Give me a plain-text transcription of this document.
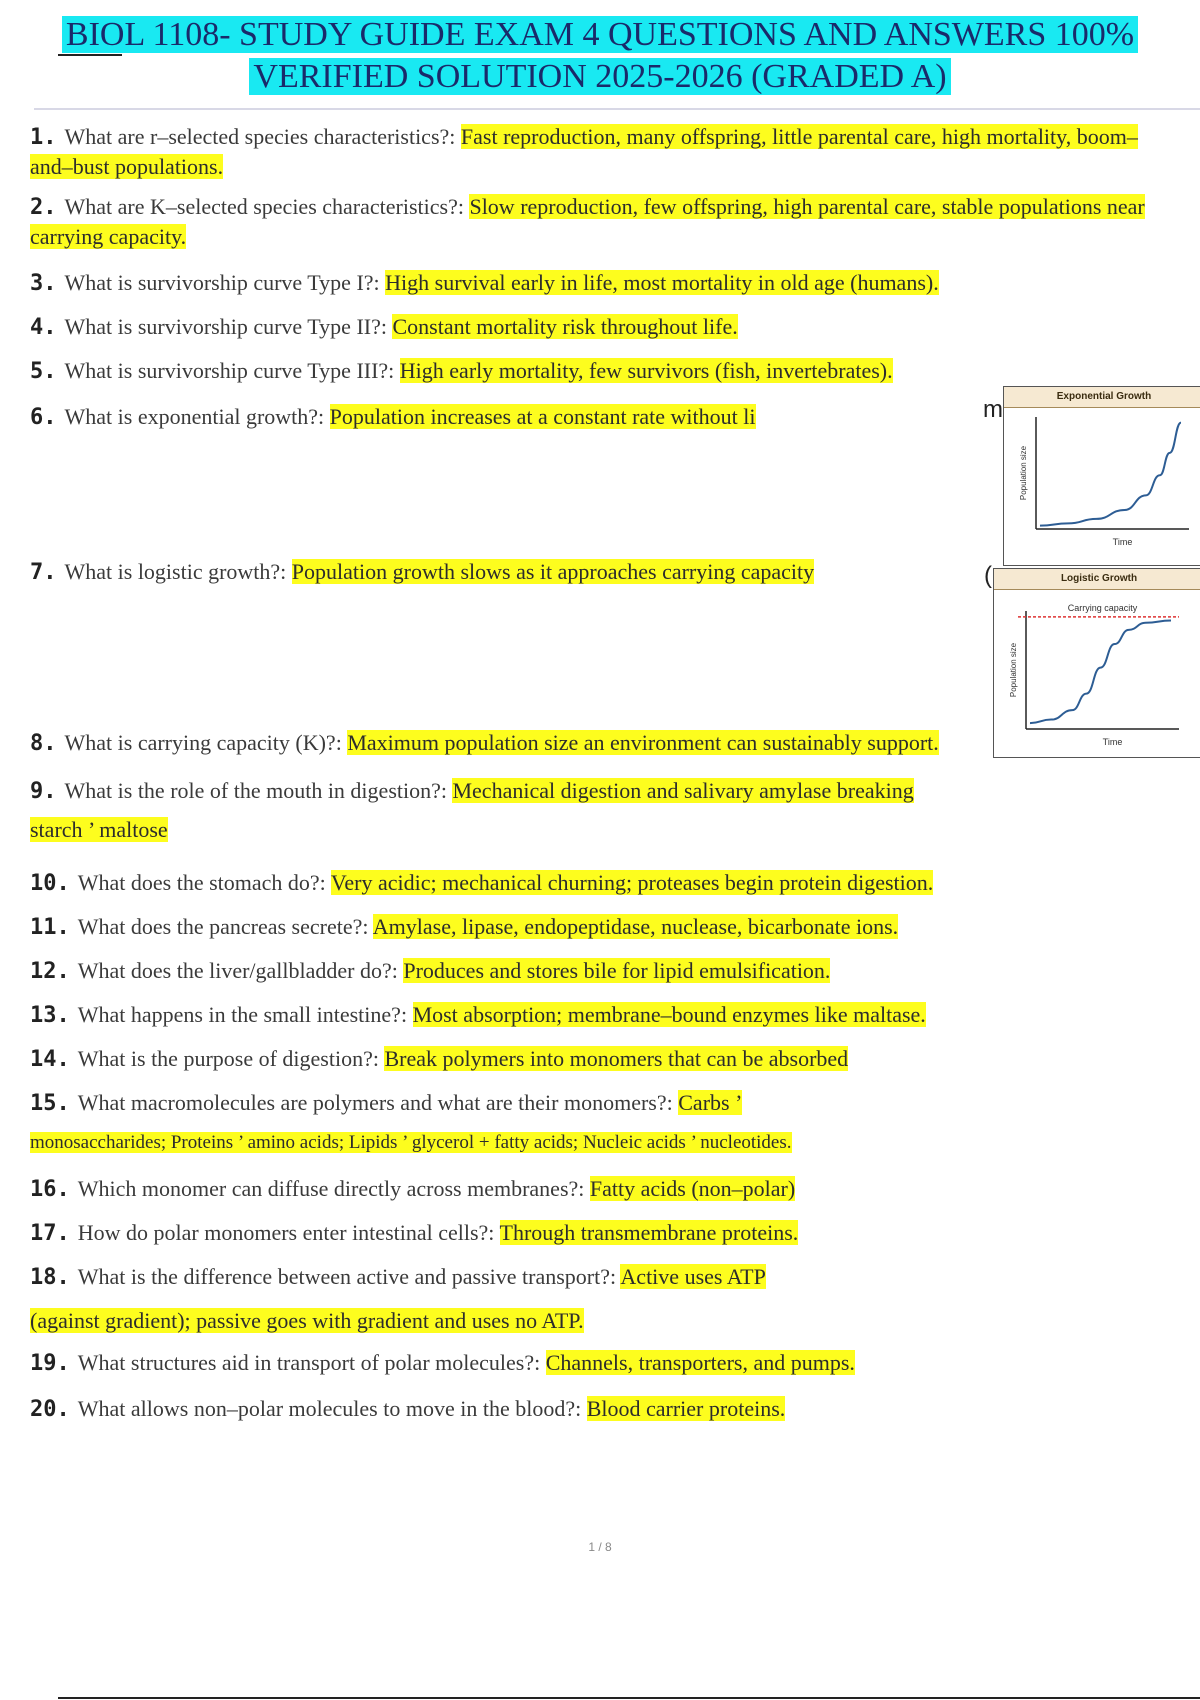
BIOL 1108- STUDY GUIDE EXAM 4 QUESTIONS AND ANSWERS 100%
VERIFIED SOLUTION 2025-2026 (GRADED A)
1. What are r–selected species characteristics?: Fast reproduction, many offspring, little parental care, high mortality, boom–
and–bust populations.
2. What are K–selected species characteristics?: Slow reproduction, few offspring, high parental care, stable populations near
carrying capacity.
3. What is survivorship curve Type I?: High survival early in life, most mortality in old age (humans).
4. What is survivorship curve Type II?: Constant mortality risk throughout life.
5. What is survivorship curve Type III?: High early mortality, few survivors (fish, invertebrates).
6. What is exponential growth?: Population increases at a constant rate without li
7. What is logistic growth?: Population growth slows as it approaches carrying capacity
8. What is carrying capacity (K)?: Maximum population size an environment can sustainably support.
9. What is the role of the mouth in digestion?: Mechanical digestion and salivary amylase breaking
starch ’ maltose
10. What does the stomach do?: Very acidic; mechanical churning; proteases begin protein digestion.
11. What does the pancreas secrete?: Amylase, lipase, endopeptidase, nuclease, bicarbonate ions.
12. What does the liver/gallbladder do?: Produces and stores bile for lipid emulsification.
13. What happens in the small intestine?: Most absorption; membrane–bound enzymes like maltase.
14. What is the purpose of digestion?: Break polymers into monomers that can be absorbed
15. What macromolecules are polymers and what are their monomers?: Carbs ’
monosaccharides; Proteins ’ amino acids; Lipids ’ glycerol + fatty acids; Nucleic acids ’ nucleotides.
16. Which monomer can diffuse directly across membranes?: Fatty acids (non–polar)
17. How do polar monomers enter intestinal cells?: Through transmembrane proteins.
18. What is the difference between active and passive transport?: Active uses ATP
(against gradient); passive goes with gradient and uses no ATP.
19. What structures aid in transport of polar molecules?: Channels, transporters, and pumps.
20. What allows non–polar molecules to move in the blood?: Blood carrier proteins.
m
(
Exponential Growth
Time
Population size
Logistic Growth
Carrying capacity
Time
Population size
1 / 8
